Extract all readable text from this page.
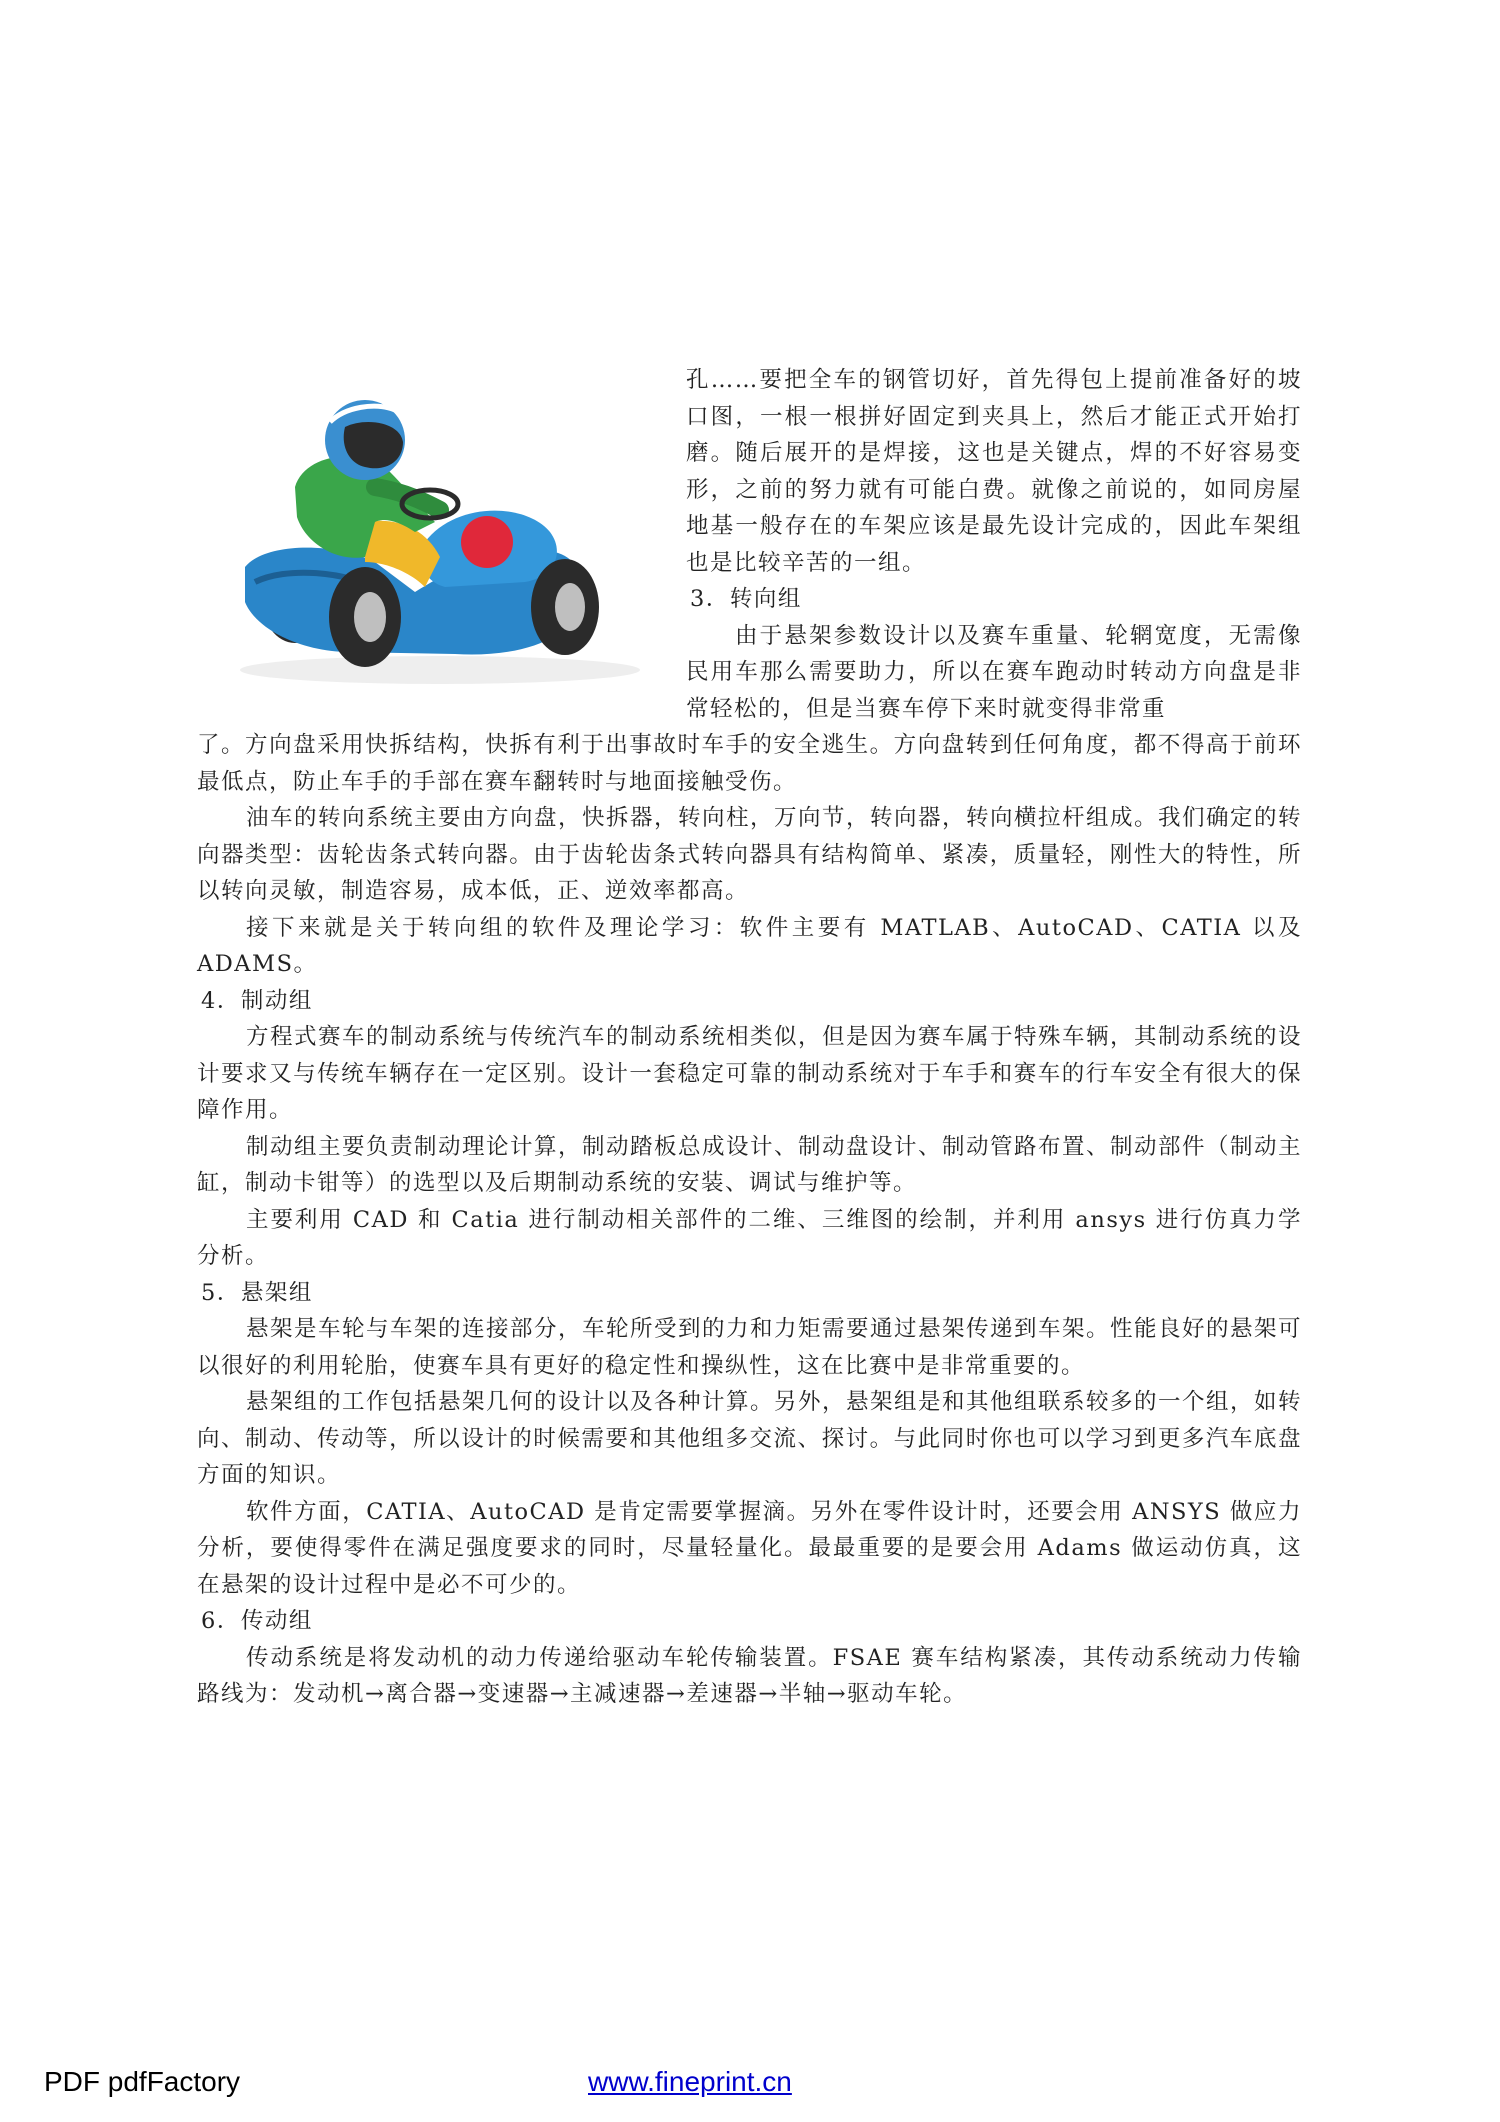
孔……要把全车的钢管切好，首先得包上提前准备好的坡口图，一根一根拼好固定到夹具上，然后才能正式开始打磨。随后展开的是焊接，这也是关键点，焊的不好容易变形，之前的努力就有可能白费。就像之前说的，如同房屋地基一般存在的车架应该是最先设计完成的，因此车架组也是比较辛苦的一组。

3．转向组

由于悬架参数设计以及赛车重量、轮辋宽度，无需像民用车那么需要助力，所以在赛车跑动时转动方向盘是非常轻松的，但是当赛车停下来时就变得非常重

了。方向盘采用快拆结构，快拆有利于出事故时车手的安全逃生。方向盘转到任何角度，都不得高于前环最低点，防止车手的手部在赛车翻转时与地面接触受伤。

油车的转向系统主要由方向盘，快拆器，转向柱，万向节，转向器，转向横拉杆组成。我们确定的转向器类型：齿轮齿条式转向器。由于齿轮齿条式转向器具有结构简单、紧凑，质量轻，刚性大的特性，所以转向灵敏，制造容易，成本低，正、逆效率都高。

接下来就是关于转向组的软件及理论学习：软件主要有 MATLAB、AutoCAD、CATIA 以及 ADAMS。

4．制动组

方程式赛车的制动系统与传统汽车的制动系统相类似，但是因为赛车属于特殊车辆，其制动系统的设计要求又与传统车辆存在一定区别。设计一套稳定可靠的制动系统对于车手和赛车的行车安全有很大的保障作用。

制动组主要负责制动理论计算，制动踏板总成设计、制动盘设计、制动管路布置、制动部件（制动主缸，制动卡钳等）的选型以及后期制动系统的安装、调试与维护等。

主要利用 CAD 和 Catia 进行制动相关部件的二维、三维图的绘制，并利用 ansys 进行仿真力学分析。

5．悬架组

悬架是车轮与车架的连接部分，车轮所受到的力和力矩需要通过悬架传递到车架。性能良好的悬架可以很好的利用轮胎，使赛车具有更好的稳定性和操纵性，这在比赛中是非常重要的。

悬架组的工作包括悬架几何的设计以及各种计算。另外，悬架组是和其他组联系较多的一个组，如转向、制动、传动等，所以设计的时候需要和其他组多交流、探讨。与此同时你也可以学习到更多汽车底盘方面的知识。

软件方面，CATIA、AutoCAD 是肯定需要掌握滴。另外在零件设计时，还要会用 ANSYS 做应力分析，要使得零件在满足强度要求的同时，尽量轻量化。最最重要的是要会用 Adams 做运动仿真，这在悬架的设计过程中是必不可少的。

6．传动组

传动系统是将发动机的动力传递给驱动车轮传输装置。FSAE 赛车结构紧凑，其传动系统动力传输路线为：发动机→离合器→变速器→主减速器→差速器→半轴→驱动车轮。

PDF pdfFactory	www.fineprint.cn
